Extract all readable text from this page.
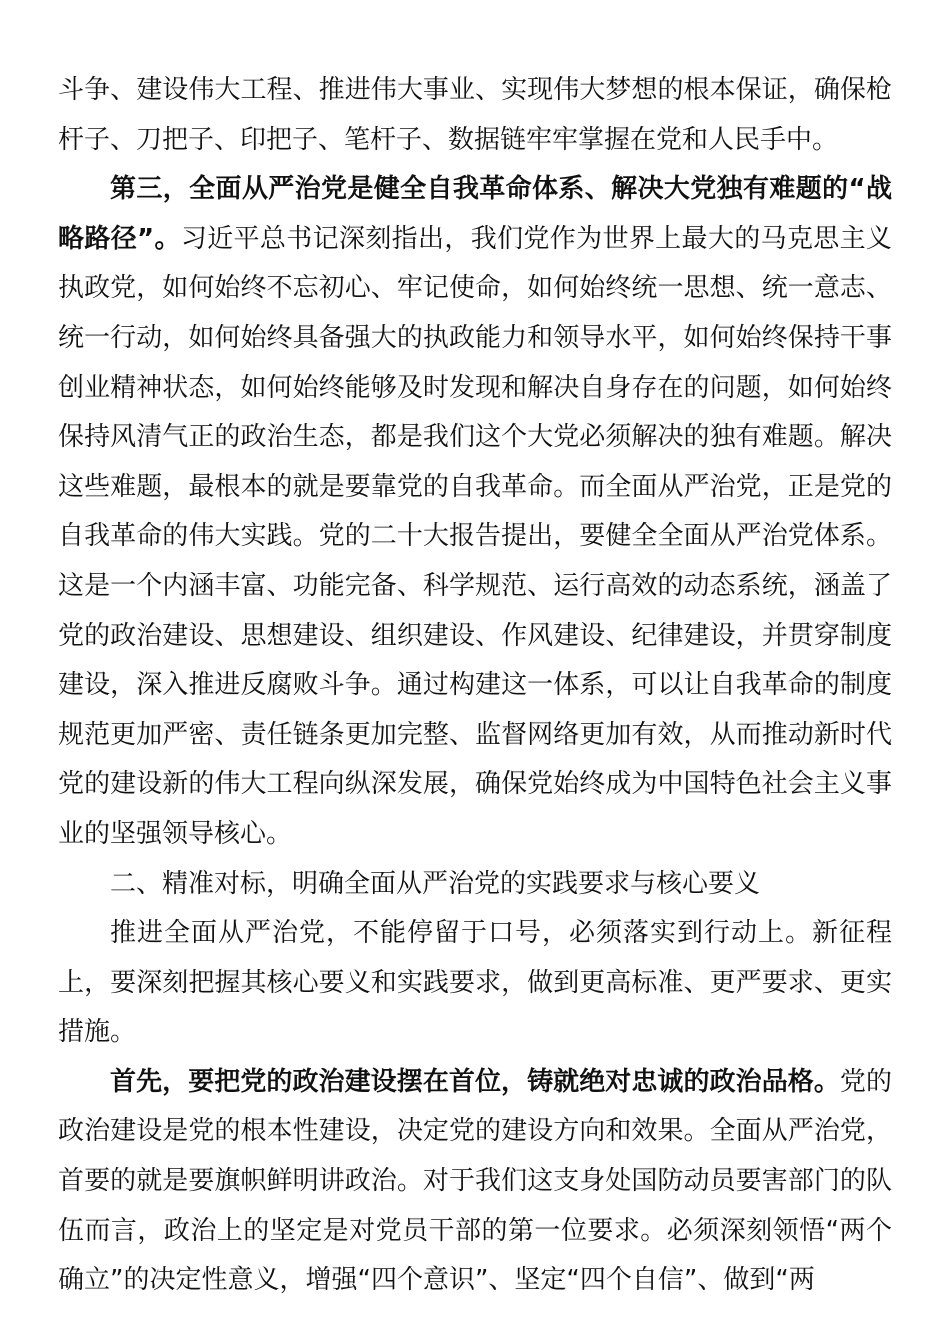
斗争、建设伟大工程、推进伟大事业、实现伟大梦想的根本保证，确保枪杆子、刀把子、印把子、笔杆子、数据链牢牢掌握在党和人民手中。

第三，全面从严治党是健全自我革命体系、解决大党独有难题的“战略路径”。习近平总书记深刻指出，我们党作为世界上最大的马克思主义执政党，如何始终不忘初心、牢记使命，如何始终统一思想、统一意志、统一行动，如何始终具备强大的执政能力和领导水平，如何始终保持干事创业精神状态，如何始终能够及时发现和解决自身存在的问题，如何始终保持风清气正的政治生态，都是我们这个大党必须解决的独有难题。解决这些难题，最根本的就是要靠党的自我革命。而全面从严治党，正是党的自我革命的伟大实践。党的二十大报告提出，要健全全面从严治党体系。这是一个内涵丰富、功能完备、科学规范、运行高效的动态系统，涵盖了党的政治建设、思想建设、组织建设、作风建设、纪律建设，并贯穿制度建设，深入推进反腐败斗争。通过构建这一体系，可以让自我革命的制度规范更加严密、责任链条更加完整、监督网络更加有效，从而推动新时代党的建设新的伟大工程向纵深发展，确保党始终成为中国特色社会主义事业的坚强领导核心。

二、精准对标，明确全面从严治党的实践要求与核心要义

推进全面从严治党，不能停留于口号，必须落实到行动上。新征程上，要深刻把握其核心要义和实践要求，做到更高标准、更严要求、更实措施。

首先，要把党的政治建设摆在首位，铸就绝对忠诚的政治品格。党的政治建设是党的根本性建设，决定党的建设方向和效果。全面从严治党，首要的就是要旗帜鲜明讲政治。对于我们这支身处国防动员要害部门的队伍而言，政治上的坚定是对党员干部的第一位要求。必须深刻领悟“两个确立”的决定性意义，增强“四个意识”、坚定“四个自信”、做到“两
